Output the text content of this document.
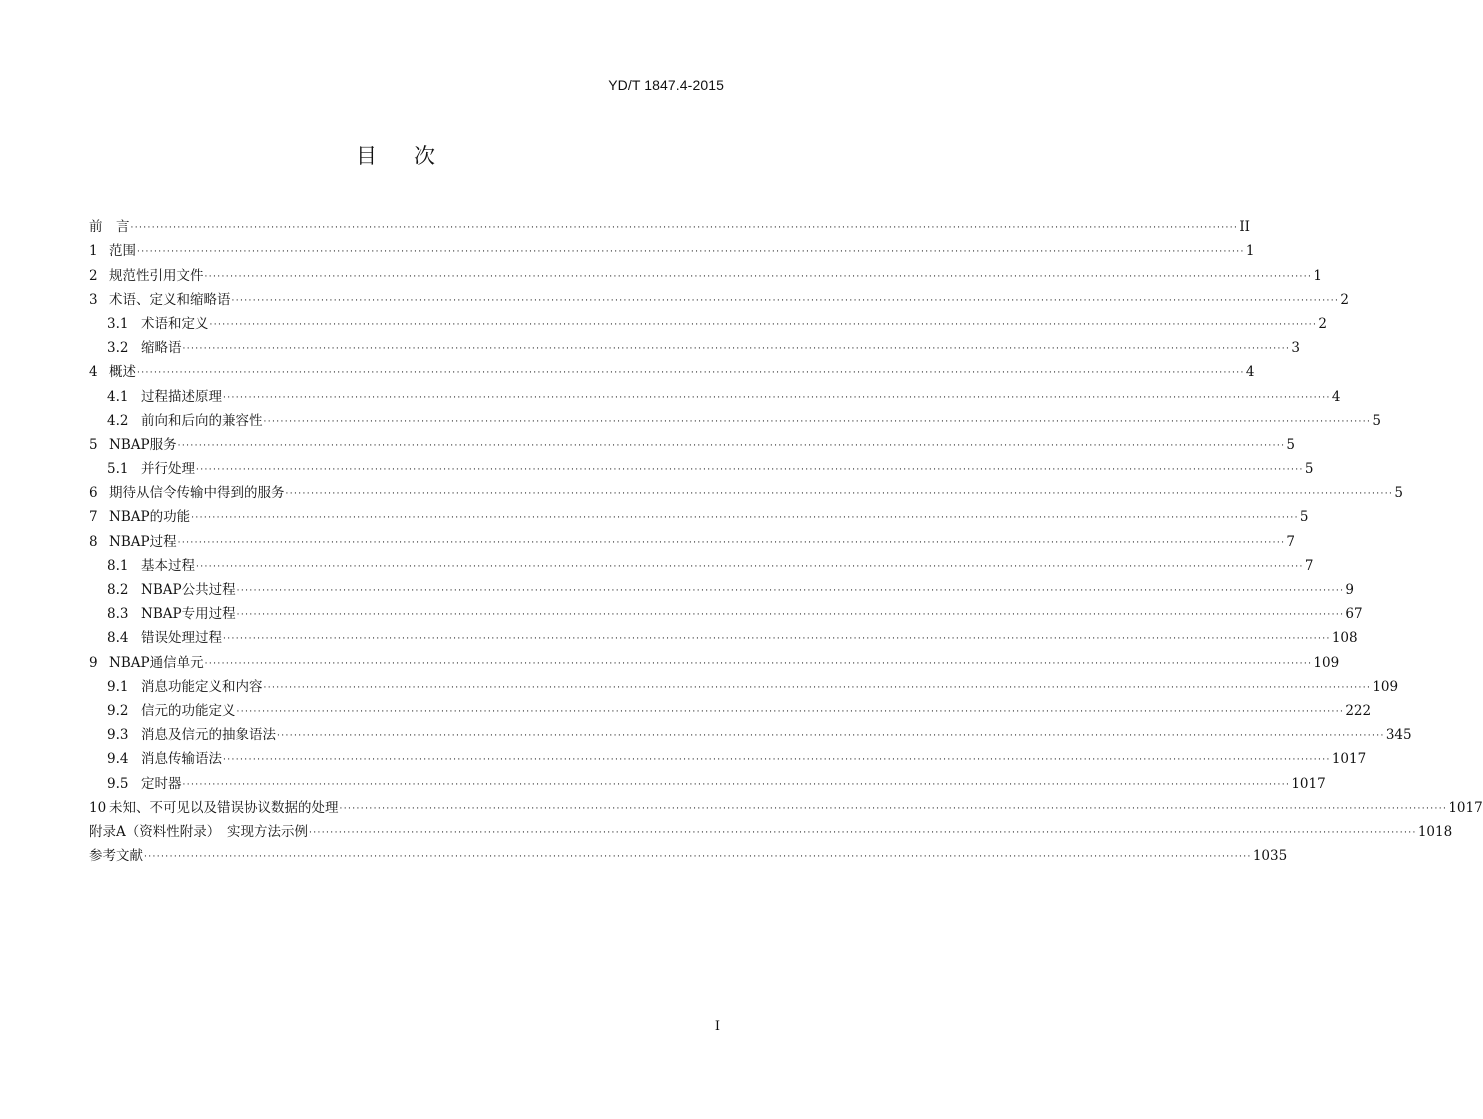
YD/T 1847.4-2015
目 次
前　言 ···································································································································································································································································· II
1 范围 ···································································································································································································································································· 1
2 规范性引用文件 ···································································································································································································································································· 1
3 术语、定义和缩略语 ···································································································································································································································································· 2
3.1 术语和定义 ···································································································································································································································································· 2
3.2 缩略语 ···································································································································································································································································· 3
4 概述 ···································································································································································································································································· 4
4.1 过程描述原理 ···································································································································································································································································· 4
4.2 前向和后向的兼容性 ···································································································································································································································································· 5
5 NBAP服务 ···································································································································································································································································· 5
5.1 并行处理 ···································································································································································································································································· 5
6 期待从信令传输中得到的服务 ···································································································································································································································································· 5
7 NBAP的功能 ···································································································································································································································································· 5
8 NBAP过程 ···································································································································································································································································· 7
8.1 基本过程 ···································································································································································································································································· 7
8.2 NBAP公共过程 ···································································································································································································································································· 9
8.3 NBAP专用过程 ···································································································································································································································································· 67
8.4 错误处理过程 ···································································································································································································································································· 108
9 NBAP通信单元 ···································································································································································································································································· 109
9.1 消息功能定义和内容 ···································································································································································································································································· 109
9.2 信元的功能定义 ···································································································································································································································································· 222
9.3 消息及信元的抽象语法 ···································································································································································································································································· 345
9.4 消息传输语法 ···································································································································································································································································· 1017
9.5 定时器 ···································································································································································································································································· 1017
10 未知、不可见以及错误协议数据的处理 ···································································································································································································································································· 1017
附录A（资料性附录）　实现方法示例 ···································································································································································································································································· 1018
参考文献 ···································································································································································································································································· 1035
I
